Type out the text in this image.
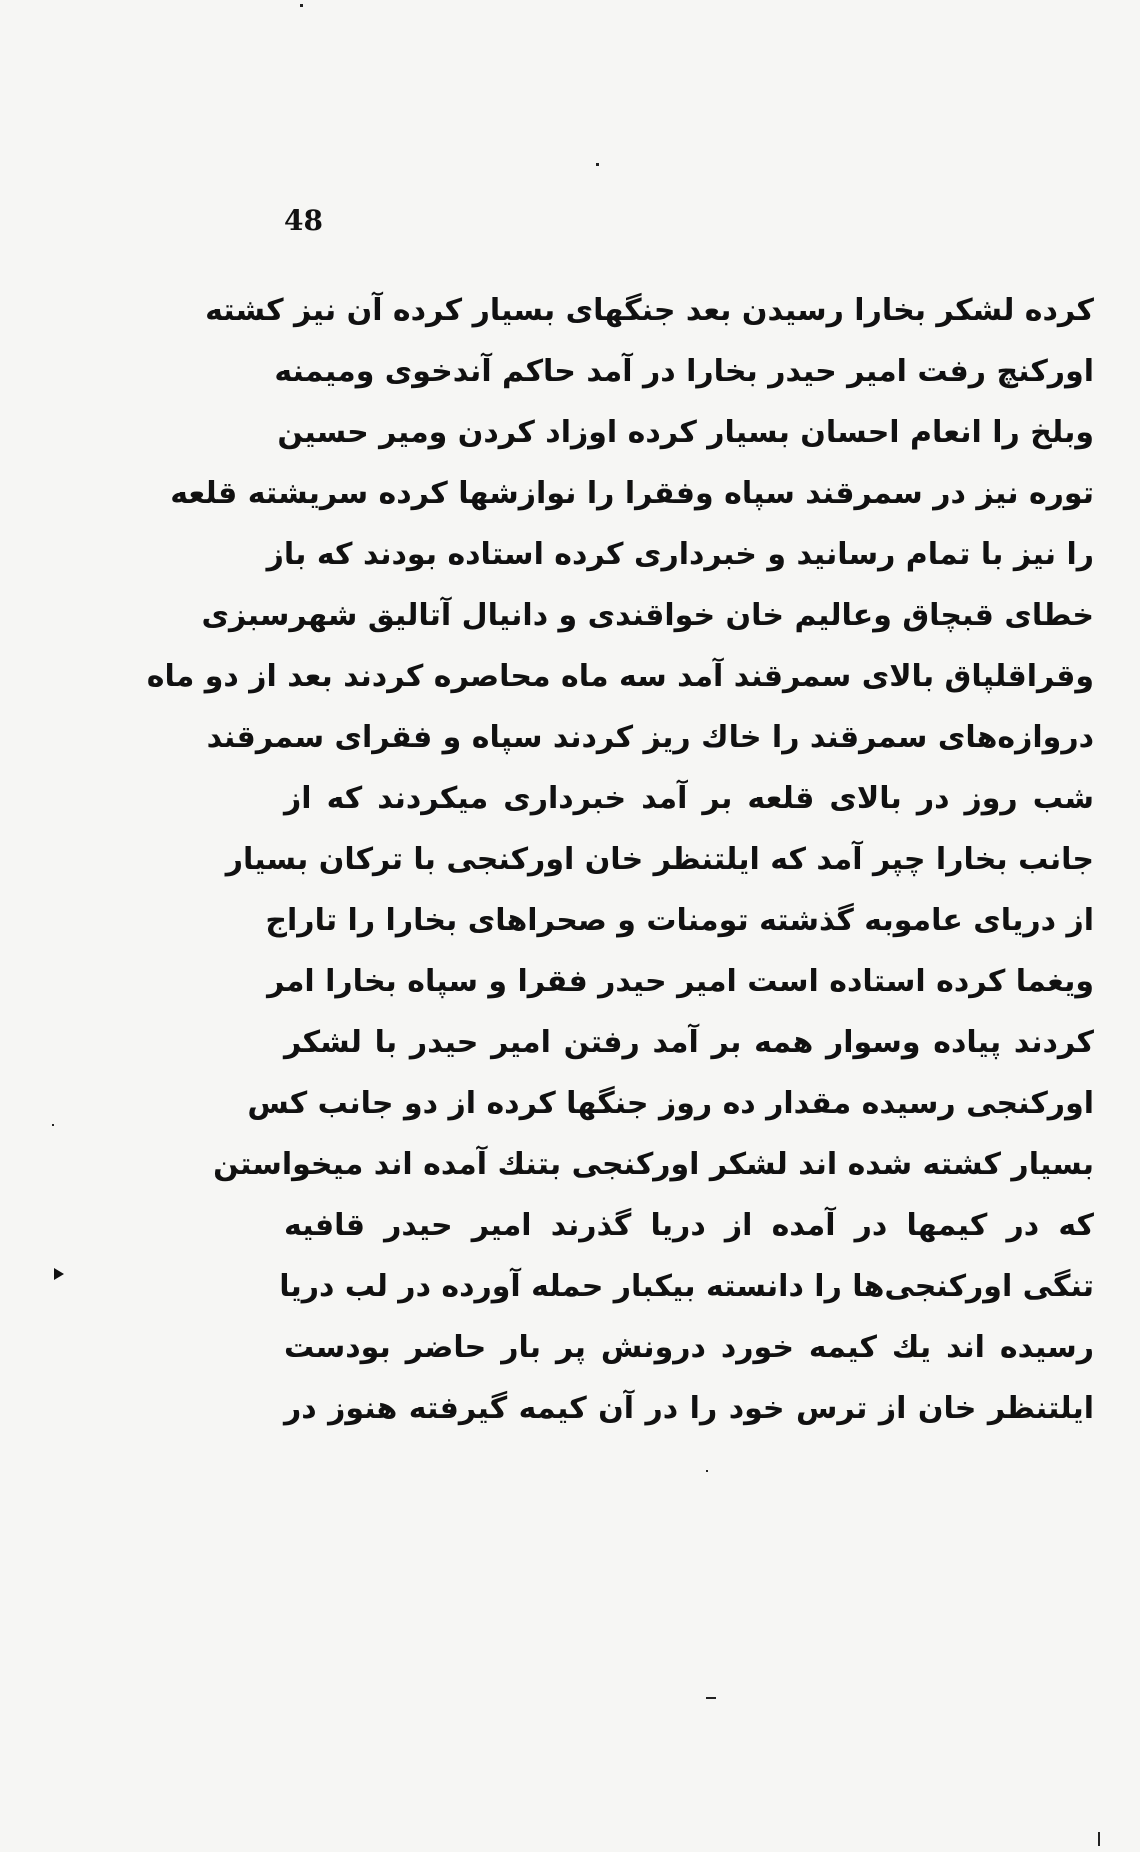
48
کرده لشکر بخارا رسیدن بعد جنگهای بسیار کرده آن نیز کشته
اورکنچ رفت امیر حیدر بخارا در آمد حاکم آندخوی ومیمنه
وبلخ را انعام احسان بسیار کرده اوزاد کردن ومیر حسین
توره نیز در سمرقند سپاه وفقرا را نوازشها کرده سریشته قلعه
را نیز با تمام رسانید و خبرداری کرده استاده بودند که باز
خطای قبچاق وعالیم خان خواقندی و دانیال آتالیق شهرسبزی
وقراقلپاق بالای سمرقند آمد سه ماه محاصره کردند بعد از دو ماه
دروازه‌های سمرقند را خاك ریز کردند سپاه و فقرای سمرقند
شب روز در بالای قلعه بر آمد خبرداری میکردند که از
جانب بخارا چپر آمد که ایلتنظر خان اورکنجی با ترکان بسیار
از دریای عاموبه گذشته تومنات و صحراهای بخارا را تاراج
ویغما کرده استاده است امیر حیدر فقرا و سپاه بخارا امر
کردند پیاده وسوار همه بر آمد رفتن امیر حیدر با لشکر
اورکنجی رسیده مقدار ده روز جنگها کرده از دو جانب کس
بسیار کشته شده اند لشکر اورکنجی بتنك آمده اند میخواستن
که در کیمها در آمده از دریا گذرند امیر حیدر قافیه
تنگی اورکنجی‌ها را دانسته بیکبار حمله آورده در لب دریا
رسیده اند یك کیمه خورد درونش پر بار حاضر بودست
ایلتنظر خان از ترس خود را در آن کیمه گیرفته هنوز در
